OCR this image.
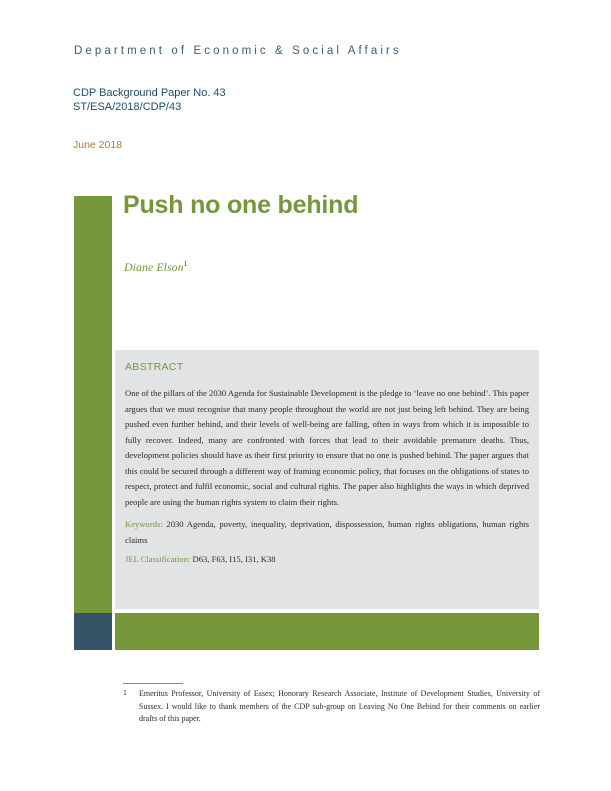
Department of Economic & Social Affairs
CDP Background Paper No. 43
ST/ESA/2018/CDP/43
June 2018
Push no one behind
Diane Elson$^1$
ABSTRACT

One of the pillars of the 2030 Agenda for Sustainable Development is the pledge to ‘leave no one behind’. This paper argues that we must recognise that many people throughout the world are not just being left behind. They are being pushed even further behind, and their levels of well-being are falling, often in ways from which it is impossible to fully recover. Indeed, many are confronted with forces that lead to their avoidable premature deaths. Thus, development policies should have as their first priority to ensure that no one is pushed behind. The paper argues that this could be secured through a different way of framing economic policy, that focuses on the obligations of states to respect, protect and fulfil economic, social and cultural rights. The paper also highlights the ways in which deprived people are using the human rights system to claim their rights.

Keywords: 2030 Agenda, poverty, inequality, deprivation, dispossession, human rights obligations, human rights claims
JEL Classification: D63, F63, I15, I31, K38
1 Emeritus Professor, University of Essex; Honorary Research Associate, Institute of Development Studies, University of Sussex. I would like to thank members of the CDP sub-group on Leaving No One Behind for their comments on earlier drafts of this paper.
